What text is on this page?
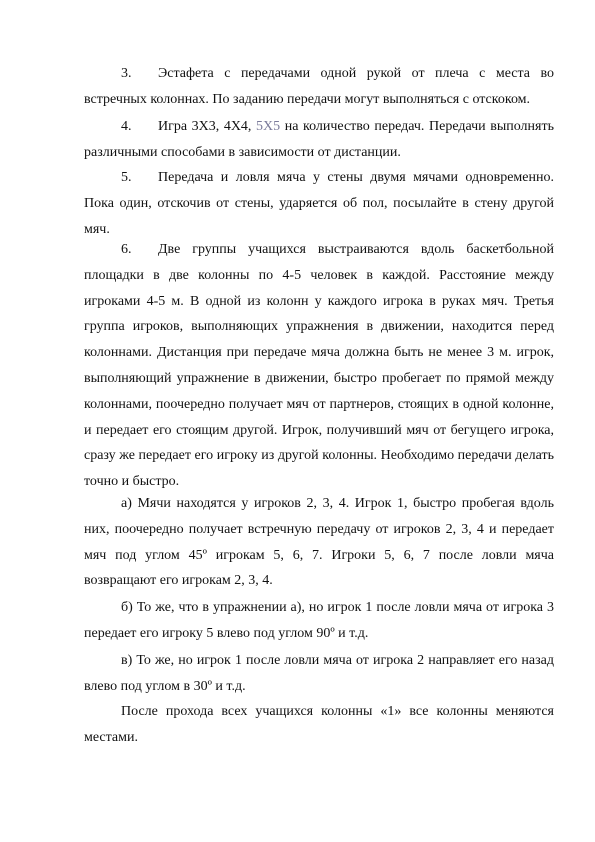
3. Эстафета с передачами одной рукой от плеча с места во встречных колоннах. По заданию передачи могут выполняться с отскоком.

4. Игра 3Х3, 4Х4, 5Х5 на количество передач. Передачи выполнять различными способами в зависимости от дистанции.

5. Передача и ловля мяча у стены двумя мячами одновременно. Пока один, отскочив от стены, ударяется об пол, посылайте в стену другой мяч.

6. Две группы учащихся выстраиваются вдоль баскетбольной площадки в две колонны по 4-5 человек в каждой. Расстояние между игроками 4-5 м. В одной из колонн у каждого игрока в руках мяч. Третья группа игроков, выполняющих упражнения в движении, находится перед колоннами. Дистанция при передаче мяча должна быть не менее 3 м. игрок, выполняющий упражнение в движении, быстро пробегает по прямой между колоннами, поочередно получает мяч от партнеров, стоящих в одной колонне, и передает его стоящим другой. Игрок, получивший мяч от бегущего игрока, сразу же передает его игроку из другой колонны. Необходимо передачи делать точно и быстро.

а) Мячи находятся у игроков 2, 3, 4. Игрок 1, быстро пробегая вдоль них, поочередно получает встречную передачу от игроков 2, 3, 4 и передает мяч под углом 45º игрокам 5, 6, 7. Игроки 5, 6, 7 после ловли мяча возвращают его игрокам 2, 3, 4.

б) То же, что в упражнении а), но игрок 1 после ловли мяча от игрока 3 передает его игроку 5 влево под углом 90º и т.д.

в) То же, но игрок 1 после ловли мяча от игрока 2 направляет его назад влево под углом в 30º и т.д.

После прохода всех учащихся колонны «1» все колонны меняются местами.
